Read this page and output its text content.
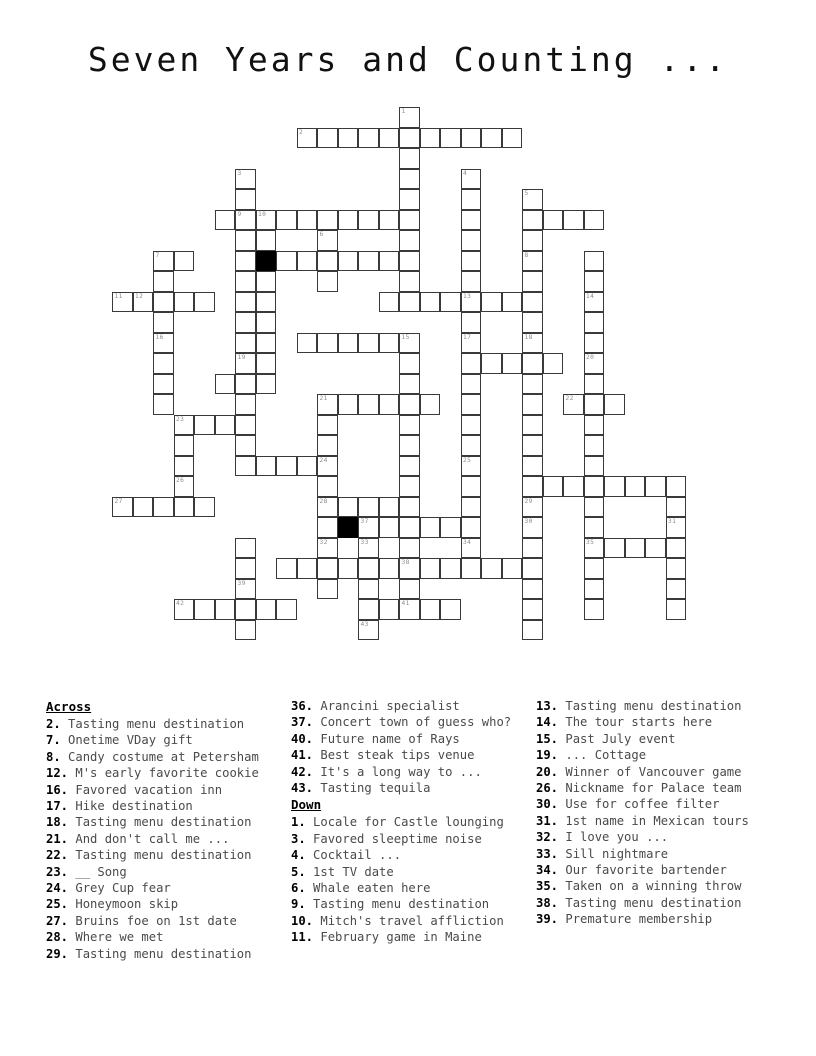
Seven Years and Counting ...
1
2
3	4
5
9	10
6
7	8
11 12	13	14
16	15	17	18
19	20
21	22
23
24	25
26
27	28	29
37	30	31
32	33	34	35
38
39
42	41
43
Across

2. Tasting menu destination

7. Onetime VDay gift

8. Candy costume at Petersham

12. M's early favorite cookie

16. Favored vacation inn

17. Hike destination

18. Tasting menu destination

21. And don't call me ...

22. Tasting menu destination

23. __ Song

24. Grey Cup fear

25. Honeymoon skip

27. Bruins foe on 1st date

28. Where we met

29. Tasting menu destination

36. Arancini specialist

37. Concert town of guess who?

40. Future name of Rays

41. Best steak tips venue

42. It's a long way to ...

43. Tasting tequila

Down

1. Locale for Castle lounging

3. Favored sleeptime noise

4. Cocktail ...

5. 1st TV date

6. Whale eaten here

9. Tasting menu destination

10. Mitch's travel affliction

11. February game in Maine

13. Tasting menu destination

14. The tour starts here

15. Past July event

19. ... Cottage

20. Winner of Vancouver game

26. Nickname for Palace team

30. Use for coffee filter

31. 1st name in Mexican tours

32. I love you ...

33. Sill nightmare

34. Our favorite bartender

35. Taken on a winning throw

38. Tasting menu destination

39. Premature membership
